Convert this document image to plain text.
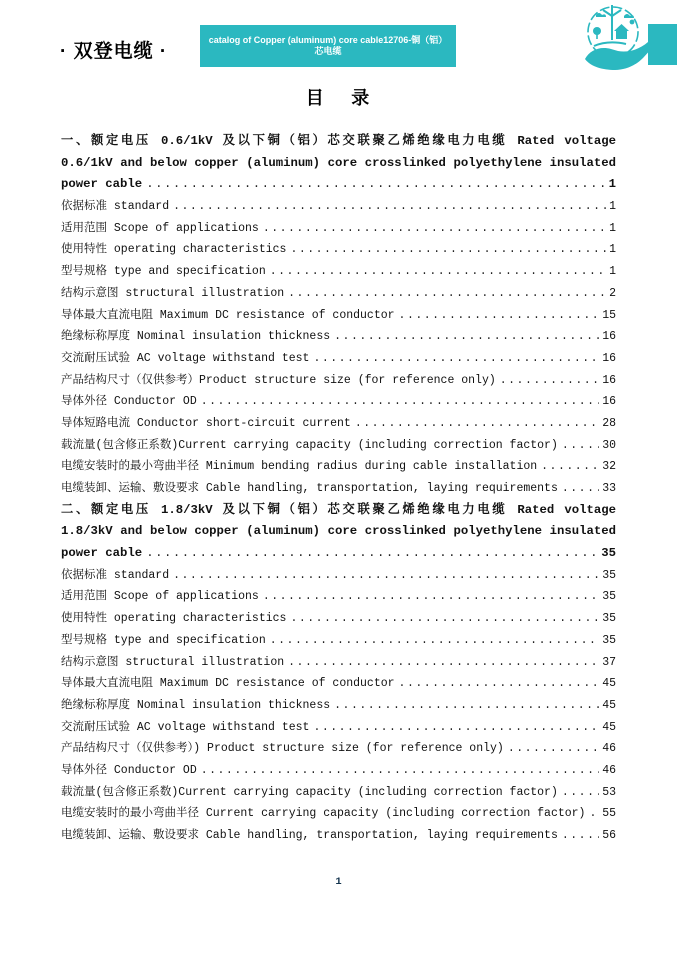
· 双登电缆 ·
catalog of Copper (aluminum) core cable12706-铜（铝）芯电缆
目  录
一、额定电压 0.6/1kV 及以下铜（铝）芯交联聚乙烯绝缘电力电缆 Rated voltage
0.6/1kV and below copper (aluminum) core crosslinked polyethylene insulated
power cable .....	1
依据标准 standard .....	1
适用范围 Scope of applications .....	1
使用特性 operating characteristics .....	1
型号规格 type and specification .....	1
结构示意图 structural illustration .....	2
导体最大直流电阻 Maximum DC resistance of conductor .....	15
绝缘标称厚度 Nominal insulation thickness .....	16
交流耐压试验 AC voltage withstand test .....	16
产品结构尺寸（仅供参考）Product structure size (for reference only) .....	16
导体外径 Conductor OD .....	16
导体短路电流 Conductor short-circuit current .....	28
载流量(包含修正系数)Current carrying capacity (including correction factor) .....	30
电缆安装时的最小弯曲半径 Minimum bending radius during cable installation .....	32
电缆装卸、运输、敷设要求 Cable handling, transportation, laying requirements .....	33
二、额定电压 1.8/3kV 及以下铜（铝）芯交联聚乙烯绝缘电力电缆 Rated voltage
1.8/3kV and below copper (aluminum) core crosslinked polyethylene insulated
power cable .....	35
依据标准 standard .....	35
适用范围 Scope of applications .....	35
使用特性 operating characteristics .....	35
型号规格 type and specification .....	35
结构示意图 structural illustration .....	37
导体最大直流电阻 Maximum DC resistance of conductor .....	45
绝缘标称厚度 Nominal insulation thickness .....	45
交流耐压试验 AC voltage withstand test .....	45
产品结构尺寸（仅供参考）) Product structure size (for reference only) .....	46
导体外径 Conductor OD .....	46
载流量(包含修正系数)Current carrying capacity (including correction factor) .....	53
电缆安装时的最小弯曲半径 Current carrying capacity (including correction factor) ..... 55
电缆装卸、运输、敷设要求 Cable handling, transportation, laying requirements .....	56
1
